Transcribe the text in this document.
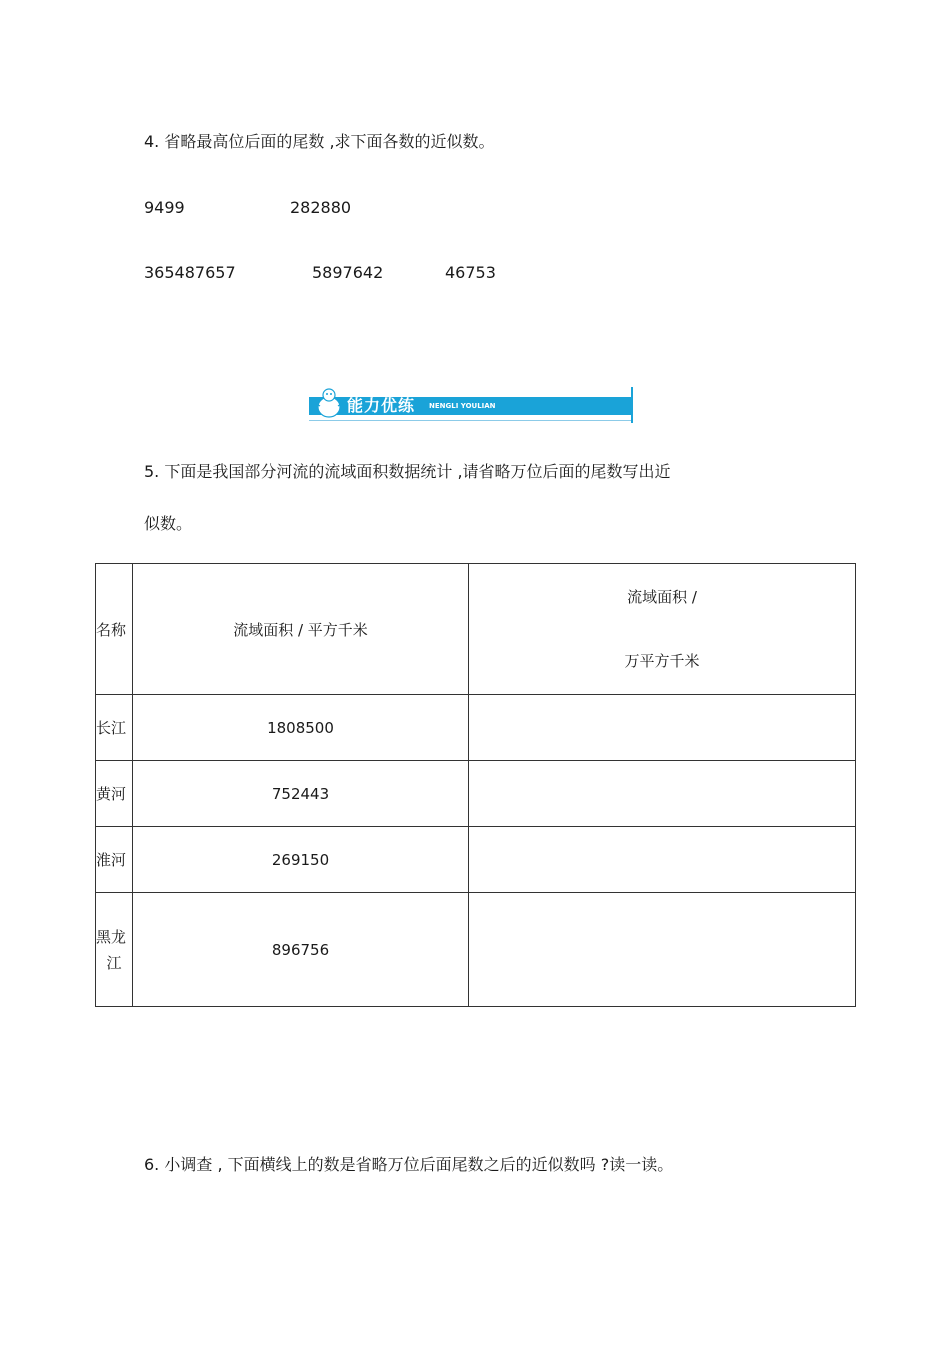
4. 省略最高位后面的尾数 ,求下面各数的近似数。
9499	282880
365487657	5897642	46753
能力优练 NENGLI YOULIAN
5. 下面是我国部分河流的流域面积数据统计 ,请省略万位后面的尾数写出近
似数。
名称	流域面积 / 平方千米	流域面积 /
万平方千米

长江	1808500	
黄河	752443	
淮河	269150	

黑龙
江	896756	
6. 小调查 , 下面横线上的数是省略万位后面尾数之后的近似数吗 ?读一读。
